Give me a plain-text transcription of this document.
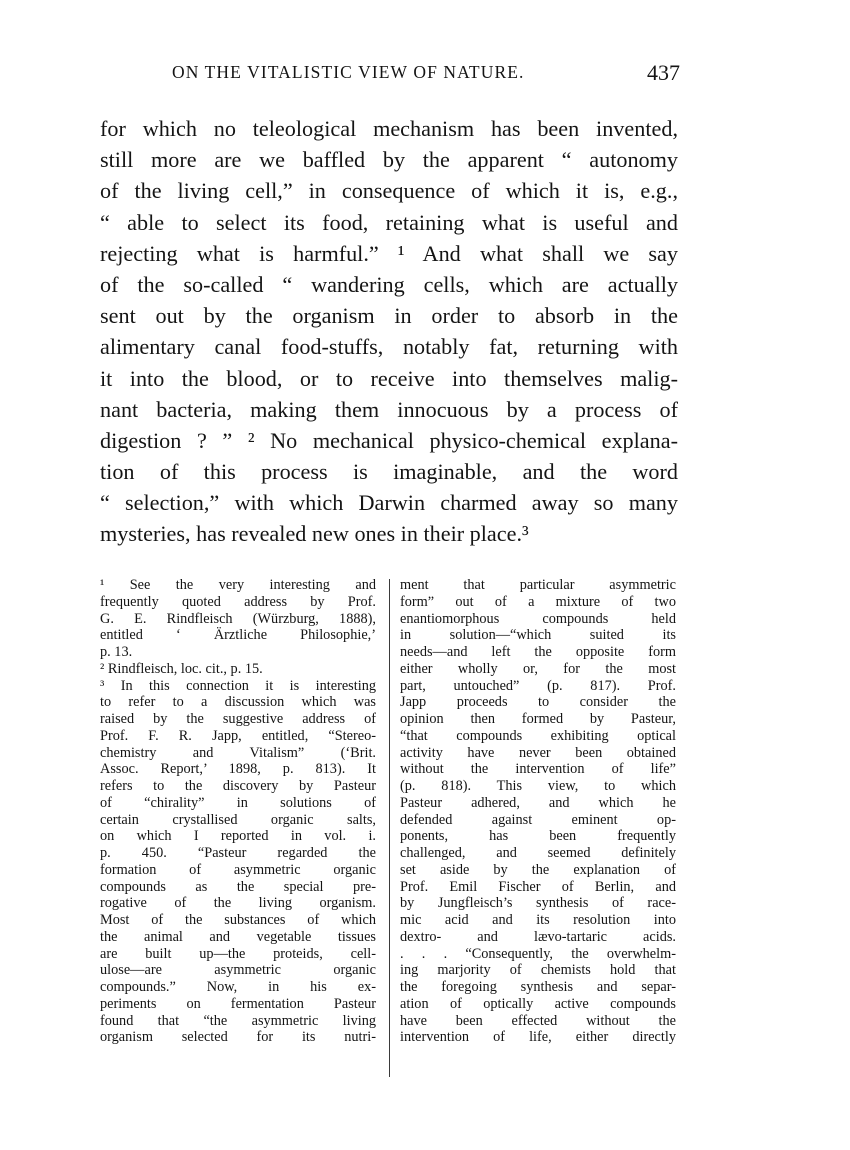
ON THE VITALISTIC VIEW OF NATURE.	437
for which no teleological mechanism has been invented,
still more are we baffled by the apparent “ autonomy
of the living cell,” in consequence of which it is, e.g.,
“ able to select its food, retaining what is useful and
rejecting what is harmful.” ¹ And what shall we say
of the so-called “ wandering cells, which are actually
sent out by the organism in order to absorb in the
alimentary canal food-stuffs, notably fat, returning with
it into the blood, or to receive into themselves malig-
nant bacteria, making them innocuous by a process of
digestion ? ” ² No mechanical physico-chemical explana-
tion of this process is imaginable, and the word
“ selection,” with which Darwin charmed away so many
mysteries, has revealed new ones in their place.³
¹ See the very interesting and
frequently quoted address by Prof.
G. E. Rindfleisch (Würzburg, 1888),
entitled ‘ Ärztliche Philosophie,’
p. 13.
² Rindfleisch, loc. cit., p. 15.
³ In this connection it is interesting
to refer to a discussion which was
raised by the suggestive address of
Prof. F. R. Japp, entitled, “Stereo-
chemistry and Vitalism” (‘Brit.
Assoc. Report,’ 1898, p. 813). It
refers to the discovery by Pasteur
of “chirality” in solutions of
certain crystallised organic salts,
on which I reported in vol. i.
p. 450. “Pasteur regarded the
formation of asymmetric organic
compounds as the special pre-
rogative of the living organism.
Most of the substances of which
the animal and vegetable tissues
are built up—the proteids, cell-
ulose—are asymmetric organic
compounds.” Now, in his ex-
periments on fermentation Pasteur
found that “the asymmetric living
organism selected for its nutri-
ment that particular asymmetric
form” out of a mixture of two
enantiomorphous compounds held
in solution—“which suited its
needs—and left the opposite form
either wholly or, for the most
part, untouched” (p. 817). Prof.
Japp proceeds to consider the
opinion then formed by Pasteur,
“that compounds exhibiting optical
activity have never been obtained
without the intervention of life”
(p. 818). This view, to which
Pasteur adhered, and which he
defended against eminent op-
ponents, has been frequently
challenged, and seemed definitely
set aside by the explanation of
Prof. Emil Fischer of Berlin, and
by Jungfleisch’s synthesis of race-
mic acid and its resolution into
dextro- and lævo-tartaric acids.
. . . “Consequently, the overwhelm-
ing marjority of chemists hold that
the foregoing synthesis and separ-
ation of optically active compounds
have been effected without the
intervention of life, either directly
